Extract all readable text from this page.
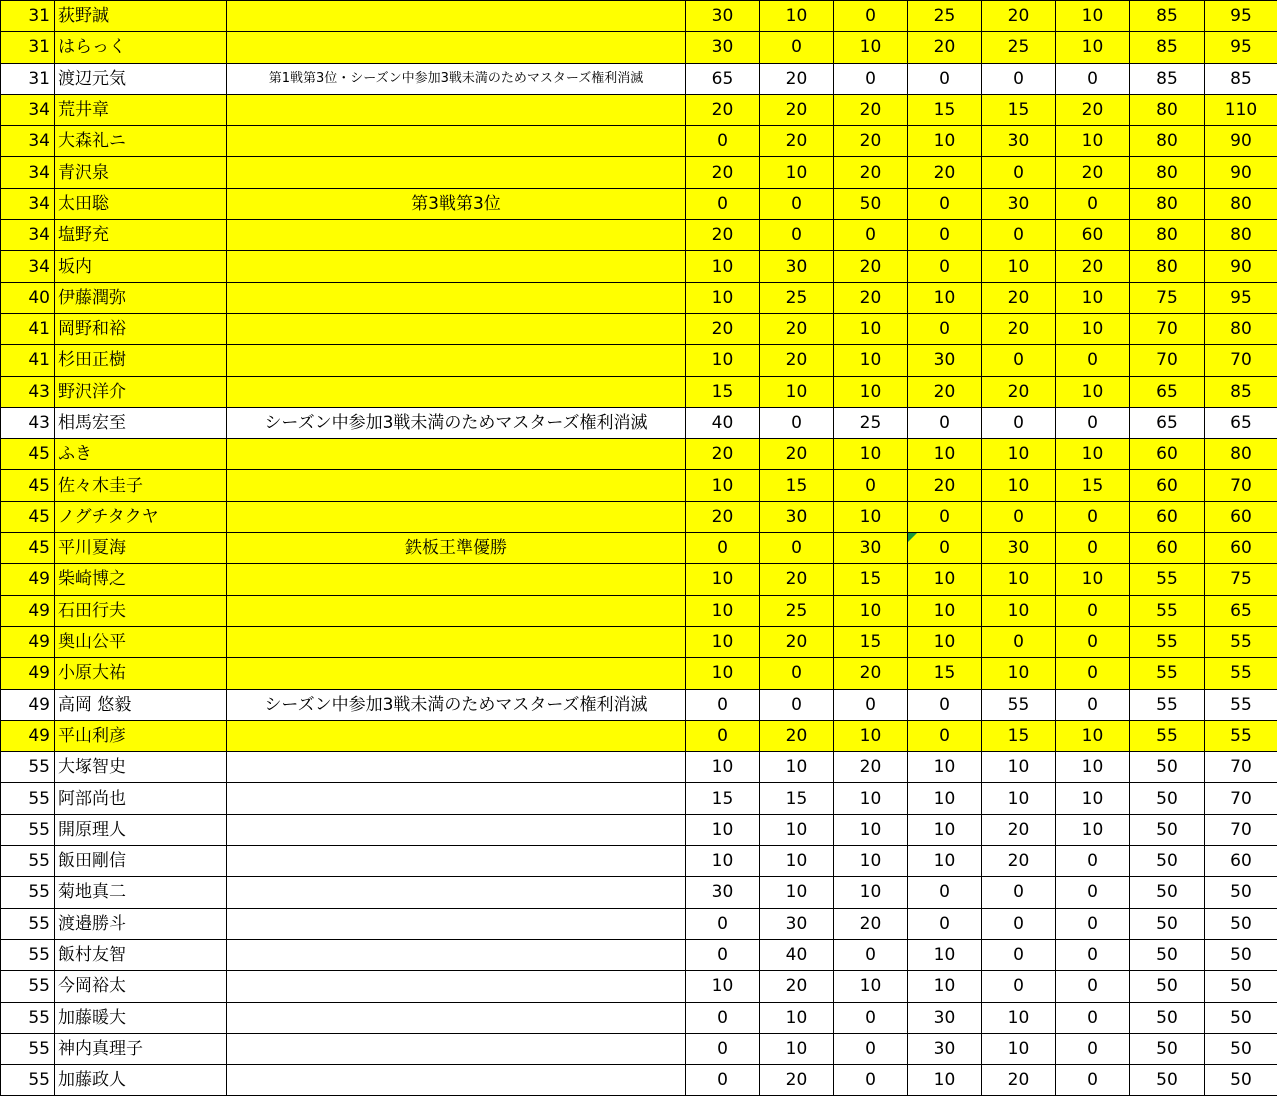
31	荻野誠		30	10	0	25	20	10	85	95
31	はらっく		30	0	10	20	25	10	85	95
31	渡辺元気	第1戦第3位・シーズン中参加3戦未満のためマスターズ権利消滅	65	20	0	0	0	0	85	85
34	荒井章		20	20	20	15	15	20	80	110
34	大森礼ニ		0	20	20	10	30	10	80	90
34	青沢泉		20	10	20	20	0	20	80	90
34	太田聡	第3戦第3位	0	0	50	0	30	0	80	80
34	塩野充		20	0	0	0	0	60	80	80
34	坂内		10	30	20	0	10	20	80	90
40	伊藤潤弥		10	25	20	10	20	10	75	95
41	岡野和裕		20	20	10	0	20	10	70	80
41	杉田正樹		10	20	10	30	0	0	70	70
43	野沢洋介		15	10	10	20	20	10	65	85
43	相馬宏至	シーズン中参加3戦未満のためマスターズ権利消滅	40	0	25	0	0	0	65	65
45	ふき		20	20	10	10	10	10	60	80
45	佐々木圭子		10	15	0	20	10	15	60	70
45	ノグチタクヤ		20	30	10	0	0	0	60	60
45	平川夏海	鉄板王準優勝	0	0	30	0	30	0	60	60
49	柴崎博之		10	20	15	10	10	10	55	75
49	石田行夫		10	25	10	10	10	0	55	65
49	奥山公平		10	20	15	10	0	0	55	55
49	小原大祐		10	0	20	15	10	0	55	55
49	高岡 悠毅	シーズン中参加3戦未満のためマスターズ権利消滅	0	0	0	0	55	0	55	55
49	平山利彦		0	20	10	0	15	10	55	55
55	大塚智史		10	10	20	10	10	10	50	70
55	阿部尚也		15	15	10	10	10	10	50	70
55	開原理人		10	10	10	10	20	10	50	70
55	飯田剛信		10	10	10	10	20	0	50	60
55	菊地真二		30	10	10	0	0	0	50	50
55	渡邉勝斗		0	30	20	0	0	0	50	50
55	飯村友智		0	40	0	10	0	0	50	50
55	今岡裕太		10	20	10	10	0	0	50	50
55	加藤暖大		0	10	0	30	10	0	50	50
55	神内真理子		0	10	0	30	10	0	50	50
55	加藤政人		0	20	0	10	20	0	50	50
